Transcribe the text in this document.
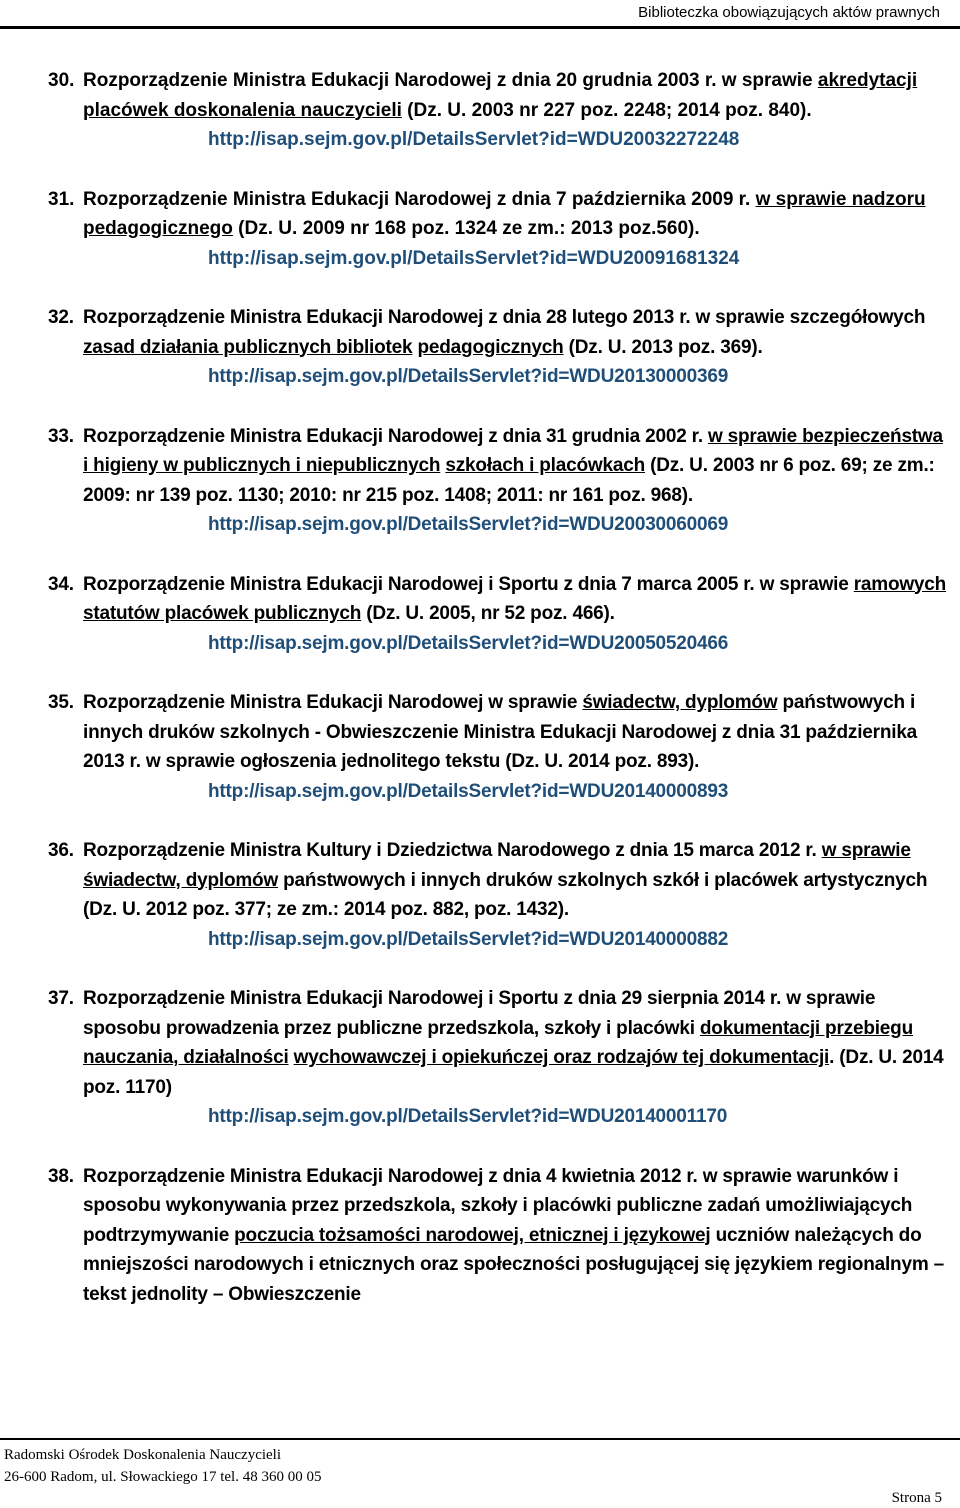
Biblioteczka obowiązujących aktów prawnych
30. Rozporządzenie Ministra Edukacji Narodowej z dnia 20 grudnia 2003 r. w sprawie akredytacji placówek doskonalenia nauczycieli (Dz. U. 2003 nr 227 poz. 2248; 2014 poz. 840).
http://isap.sejm.gov.pl/DetailsServlet?id=WDU20032272248
31. Rozporządzenie Ministra Edukacji Narodowej z dnia 7 października 2009 r. w sprawie nadzoru pedagogicznego (Dz. U. 2009 nr 168 poz. 1324 ze zm.: 2013 poz.560).
http://isap.sejm.gov.pl/DetailsServlet?id=WDU20091681324
32. Rozporządzenie Ministra Edukacji Narodowej z dnia 28 lutego 2013 r. w sprawie szczegółowych zasad działania publicznych bibliotek pedagogicznych (Dz. U. 2013 poz. 369).
http://isap.sejm.gov.pl/DetailsServlet?id=WDU20130000369
33. Rozporządzenie Ministra Edukacji Narodowej z dnia 31 grudnia 2002 r. w sprawie bezpieczeństwa i higieny w publicznych i niepublicznych szkołach i placówkach (Dz. U. 2003 nr 6 poz. 69; ze zm.: 2009: nr 139 poz. 1130; 2010: nr 215 poz. 1408; 2011: nr 161 poz. 968).
http://isap.sejm.gov.pl/DetailsServlet?id=WDU20030060069
34. Rozporządzenie Ministra Edukacji Narodowej i Sportu z dnia 7 marca 2005 r. w sprawie ramowych statutów placówek publicznych (Dz. U. 2005, nr 52 poz. 466).
http://isap.sejm.gov.pl/DetailsServlet?id=WDU20050520466
35. Rozporządzenie Ministra Edukacji Narodowej w sprawie świadectw, dyplomów państwowych i innych druków szkolnych - Obwieszczenie Ministra Edukacji Narodowej z dnia 31 października 2013 r. w sprawie ogłoszenia jednolitego tekstu (Dz. U. 2014 poz. 893).
http://isap.sejm.gov.pl/DetailsServlet?id=WDU20140000893
36. Rozporządzenie Ministra Kultury i Dziedzictwa Narodowego z dnia 15 marca 2012 r. w sprawie świadectw, dyplomów państwowych i innych druków szkolnych szkół i placówek artystycznych (Dz. U. 2012 poz. 377; ze zm.: 2014 poz. 882, poz. 1432).
http://isap.sejm.gov.pl/DetailsServlet?id=WDU20140000882
37. Rozporządzenie Ministra Edukacji Narodowej i Sportu z dnia 29 sierpnia 2014 r. w sprawie sposobu prowadzenia przez publiczne przedszkola, szkoły i placówki dokumentacji przebiegu nauczania, działalności wychowawczej i opiekuńczej oraz rodzajów tej dokumentacji. (Dz. U. 2014 poz. 1170)
http://isap.sejm.gov.pl/DetailsServlet?id=WDU20140001170
38. Rozporządzenie Ministra Edukacji Narodowej z dnia 4 kwietnia 2012 r. w sprawie warunków i sposobu wykonywania przez przedszkola, szkoły i placówki publiczne zadań umożliwiających podtrzymywanie poczucia tożsamości narodowej, etnicznej i językowej uczniów należących do mniejszości narodowych i etnicznych oraz społeczności posługującej się językiem regionalnym – tekst jednolity – Obwieszczenie
Radomski Ośrodek Doskonalenia Nauczycieli
26-600 Radom, ul. Słowackiego 17 tel. 48 360 00 05
Strona 5
